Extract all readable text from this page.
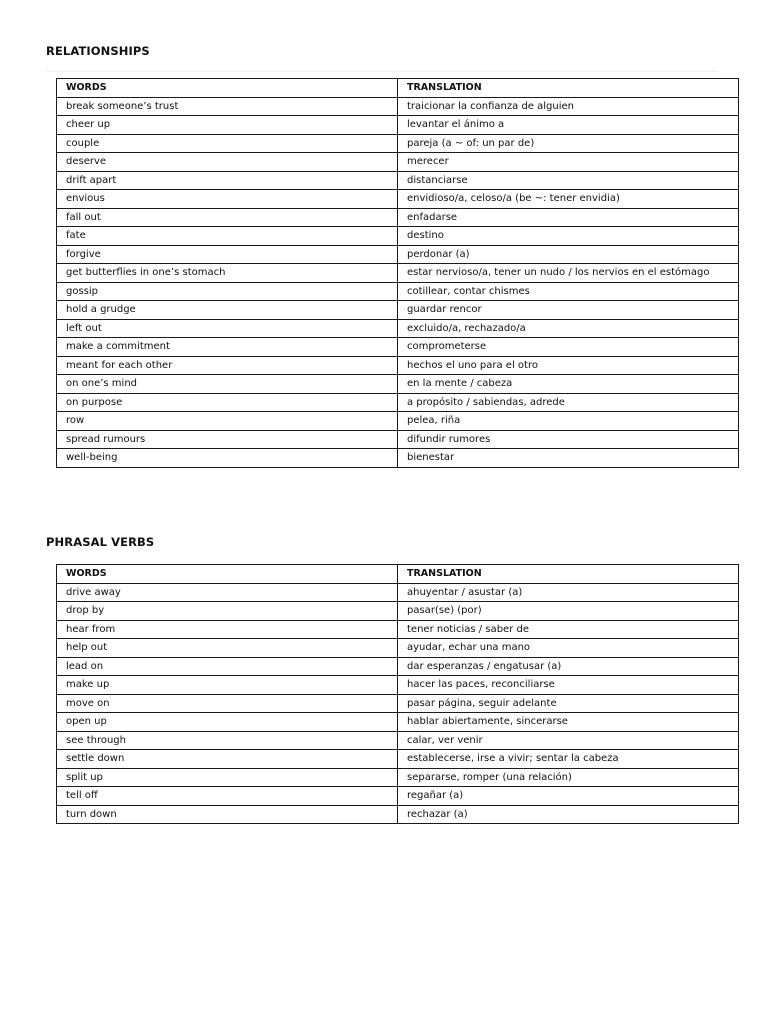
RELATIONSHIPS
WORDS	TRANSLATION
break someone’s trust	traicionar la confianza de alguien
cheer up	levantar el ánimo a
couple	pareja (a ~ of: un par de)
deserve	merecer
drift apart	distanciarse
envious	envidioso/a, celoso/a (be ~: tener envidia)
fall out	enfadarse
fate	destino
forgive	perdonar (a)
get butterflies in one’s stomach	estar nervioso/a, tener un nudo / los nervios en el estómago
gossip	cotillear, contar chismes
hold a grudge	guardar rencor
left out	excluido/a, rechazado/a
make a commitment	comprometerse
meant for each other	hechos el uno para el otro
on one’s mind	en la mente / cabeza
on purpose	a propósito / sabiendas, adrede
row	pelea, riña
spread rumours	difundir rumores
well-being	bienestar
PHRASAL VERBS
WORDS	TRANSLATION
drive away	ahuyentar / asustar (a)
drop by	pasar(se) (por)
hear from	tener noticias / saber de
help out	ayudar, echar una mano
lead on	dar esperanzas / engatusar (a)
make up	hacer las paces, reconciliarse
move on	pasar página, seguir adelante
open up	hablar abiertamente, sincerarse
see through	calar, ver venir
settle down	establecerse, irse a vivir; sentar la cabeza
split up	separarse, romper (una relación)
tell off	regañar (a)
turn down	rechazar (a)
